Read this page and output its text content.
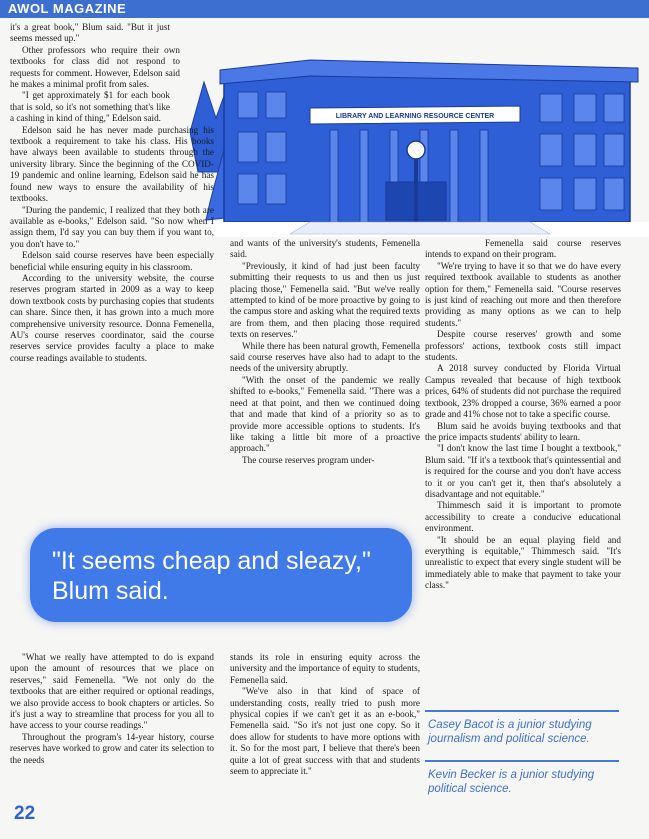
AWOL MAGAZINE
LIBRARY AND LEARNING RESOURCE CENTER

it's a great book," Blum said. "But it just seems messed up."

Other professors who require their own textbooks for class did not respond to requests for comment. However, Edelson said he makes a minimal profit from sales.

"I get approximately $1 for each book that is sold, so it's not something that's like a cashing in kind of thing," Edelson said.

Edelson said he has never made purchasing his textbook a requirement to take his class. His books have always been available to students through the university library. Since the beginning of the COVID-19 pandemic and online learning, Edelson said he has found new ways to ensure the availability of his textbooks.

"During the pandemic, I realized that they both are available as e-books," Edelson said. "So now when I assign them, I'd say you can buy them if you want to, you don't have to."

Edelson said course reserves have been especially beneficial while ensuring equity in his classroom.

According to the university website, the course reserves program started in 2009 as a way to keep down textbook costs by purchasing copies that students can share. Since then, it has grown into a much more comprehensive university resource. Donna Femenella, AU's course reserves coordinator, said the course reserves service provides faculty a place to make course readings available to students.

and wants of the university's students, Femenella said.

"Previously, it kind of had just been faculty submitting their requests to us and then us just placing those," Femenella said. "But we've really attempted to kind of be more proactive by going to the campus store and asking what the required texts are from them, and then placing those required texts on reserves."

While there has been natural growth, Femenella said course reserves have also had to adapt to the needs of the university abruptly.

"With the onset of the pandemic we really shifted to e-books," Femenella said. "There was a need at that point, and then we continued doing that and made that kind of a priority so as to provide more accessible options to students. It's like taking a little bit more of a proactive approach."

The course reserves program under-

Femenella said course reserves intends to expand on their program.

"We're trying to have it so that we do have every required textbook available to students as another option for them," Femenella said. "Course reserves is just kind of reaching out more and then therefore providing as many options as we can to help students."

Despite course reserves' growth and some professors' actions, textbook costs still impact students.

A 2018 survey conducted by Florida Virtual Campus revealed that because of high textbook prices, 64% of students did not purchase the required textbook, 23% dropped a course, 36% earned a poor grade and 41% chose not to take a specific course.

Blum said he avoids buying textbooks and that the price impacts students' ability to learn.

"I don't know the last time I bought a textbook," Blum said. "If it's a textbook that's quintessential and is required for the course and you don't have access to it or you can't get it, then that's absolutely a disadvantage and not equitable."

Thimmesch said it is important to promote accessibility to create a conducive educational environment.

"It should be an equal playing field and everything is equitable," Thimmesch said. "It's unrealistic to expect that every single student will be immediately able to make that payment to take your class."

"It seems cheap and sleazy,"
Blum said.

"What we really have attempted to do is expand upon the amount of resources that we place on reserves," said Femenella. "We not only do the textbooks that are either required or optional readings, we also provide access to book chapters or articles. So it's just a way to streamline that process for you all to have access to your course readings."

Throughout the program's 14-year history, course reserves have worked to grow and cater its selection to the needs

stands its role in ensuring equity across the university and the importance of equity to students, Femenella said.

"We've also in that kind of space of understanding costs, really tried to push more physical copies if we can't get it as an e-book," Femenella said. "So it's not just one copy. So it does allow for students to have more options with it. So for the most part, I believe that there's been quite a lot of great success with that and students seem to appreciate it."

Casey Bacot is a junior studying journalism and political science.
Kevin Becker is a junior studying political science.
22
